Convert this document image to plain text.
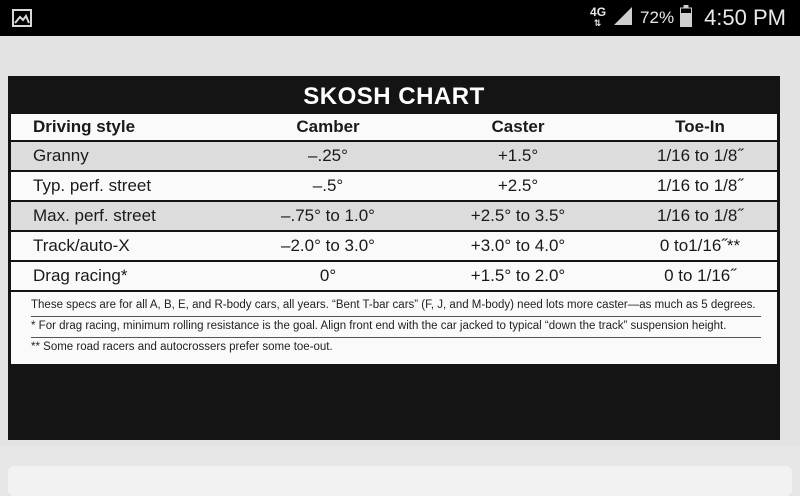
4G
⇅ 72% 4:50 PM
SKOSH CHART
Driving style	Camber	Caster	Toe-In
Granny	–.25°	+1.5°	1/16 to 1/8˝
Typ. perf. street	–.5°	+2.5°	1/16 to 1/8˝
Max. perf. street	–.75° to 1.0°	+2.5° to 3.5°	1/16 to 1/8˝
Track/auto-X	–2.0° to 3.0°	+3.0° to 4.0°	0 to1/16˝**
Drag racing*	0°	+1.5° to 2.0°	0 to 1/16˝
These specs are for all A, B, E, and R-body cars, all years. “Bent T-bar cars” (F, J, and M-body) need lots more caster—as much as 5 degrees.
* For drag racing, minimum rolling resistance is the goal. Align front end with the car jacked to typical “down the track” suspension height.
** Some road racers and autocrossers prefer some toe-out.
